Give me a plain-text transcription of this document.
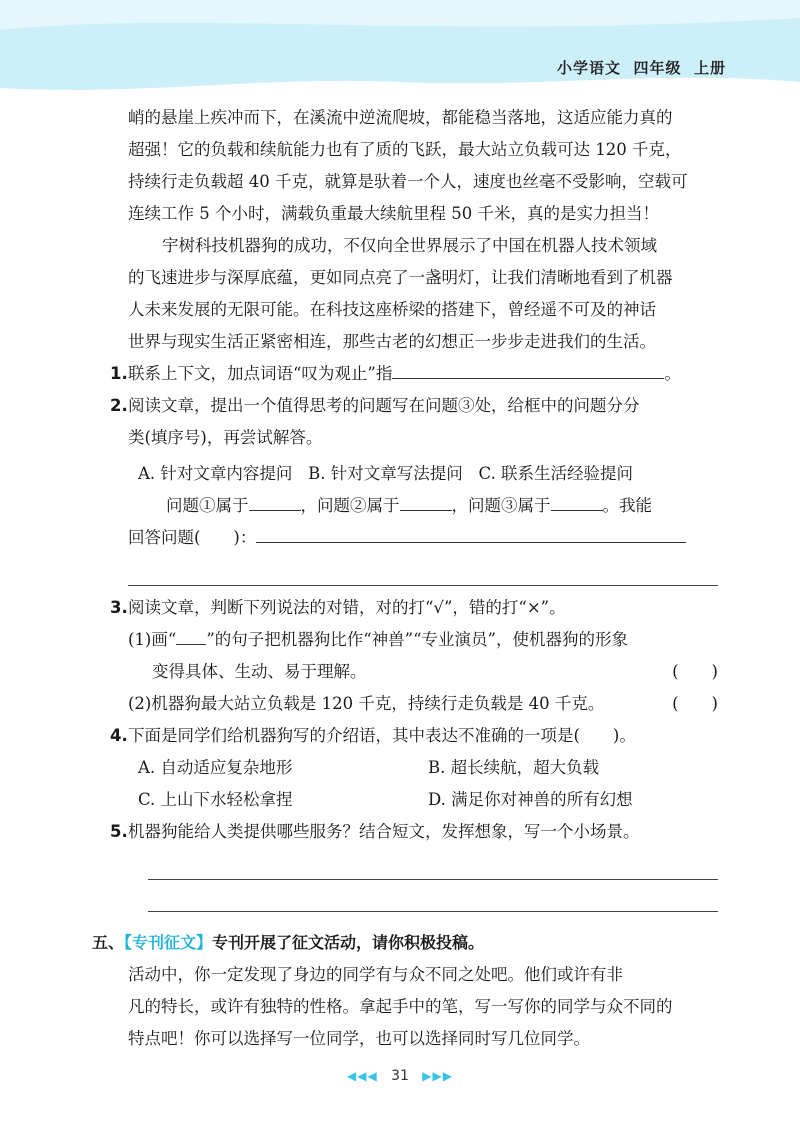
小学语文 四年级 上册
峭的悬崖上疾冲而下，在溪流中逆流爬坡，都能稳当落地，这适应能力真的
超强！它的负载和续航能力也有了质的飞跃，最大站立负载可达 120 千克，
持续行走负载超 40 千克，就算是驮着一个人，速度也丝毫不受影响，空载可
连续工作 5 个小时，满载负重最大续航里程 50 千米，真的是实力担当！
宇树科技机器狗的成功，不仅向全世界展示了中国在机器人技术领域
的飞速进步与深厚底蕴，更如同点亮了一盏明灯，让我们清晰地看到了机器
人未来发展的无限可能。在科技这座桥梁的搭建下，曾经遥不可及的神话
世界与现实生活正紧密相连，那些古老的幻想正一步步走进我们的生活。
1. 联系上下文，加点词语“叹为观止”指	。
2. 阅读文章，提出一个值得思考的问题写在问题③处，给框中的问题分分
类(填序号)，再尝试解答。
A. 针对文章内容提问 B. 针对文章写法提问 C. 联系生活经验提问
问题①属于	，问题②属于	，问题③属于	。我能
回答问题(　　)：
3. 阅读文章，判断下列说法的对错，对的打“√”，错的打“×”。
(1)画“ ”的句子把机器狗比作“神兽”“专业演员”，使机器狗的形象
变得具体、生动、易于理解。	(　　)
(2)机器狗最大站立负载是 120 千克，持续行走负载是 40 千克。	(　　)
4. 下面是同学们给机器狗写的介绍语，其中表达不准确的一项是(　　)。
A. 自动适应复杂地形	B. 超长续航，超大负载
C. 上山下水轻松拿捏	D. 满足你对神兽的所有幻想
5. 机器狗能给人类提供哪些服务？结合短文，发挥想象，写一个小场景。
五、【专刊征文】专刊开展了征文活动，请你积极投稿。
活动中，你一定发现了身边的同学有与众不同之处吧。他们或许有非
凡的特长，或许有独特的性格。拿起手中的笔，写一写你的同学与众不同的
特点吧！你可以选择写一位同学，也可以选择同时写几位同学。
◀◀◀ 31 ▶▶▶
